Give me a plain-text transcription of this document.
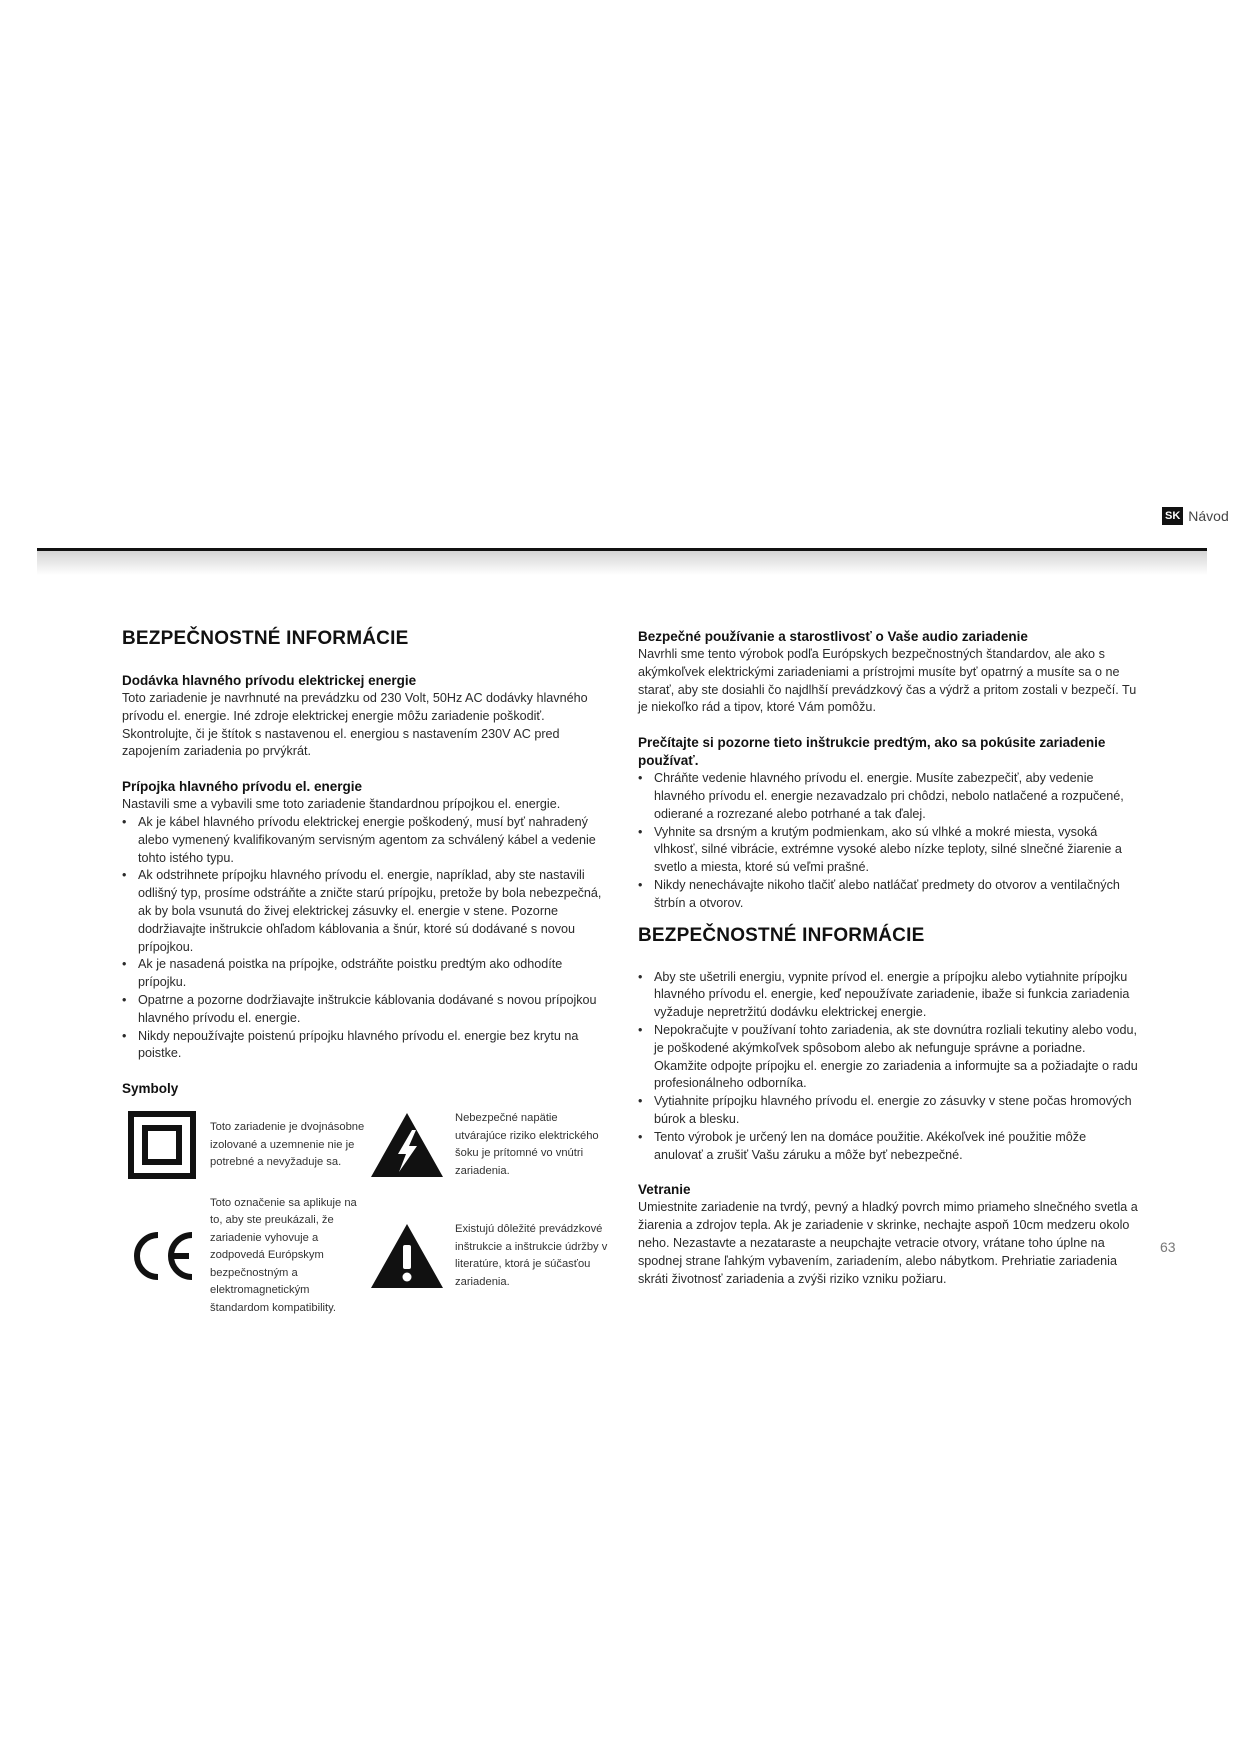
SK Návod
BEZPEČNOSTNÉ INFORMÁCIE
Dodávka hlavného prívodu elektrickej energie

Toto zariadenie je navrhnuté na prevádzku od 230 Volt, 50Hz AC dodávky hlavného prívodu el. energie. Iné zdroje elektrickej energie môžu zariadenie poškodiť. Skontrolujte, či je štítok s nastavenou el. energiou s nastavením 230V AC pred zapojením zariadenia po prvýkrát.

Prípojka hlavného prívodu el. energie

Nastavili sme a vybavili sme toto zariadenie štandardnou prípojkou el. energie.

• Ak je kábel hlavného prívodu elektrickej energie poškodený, musí byť nahradený alebo vymenený kvalifikovaným servisným agentom za schválený kábel a vedenie tohto istého typu.
• Ak odstrihnete prípojku hlavného prívodu el. energie, napríklad, aby ste nastavili odlišný typ, prosíme odstráňte a zničte starú prípojku, pretože by bola nebezpečná, ak by bola vsunutá do živej elektrickej zásuvky el. energie v stene. Pozorne dodržiavajte inštrukcie ohľadom káblovania a šnúr, ktoré sú dodávané s novou prípojkou.
• Ak je nasadená poistka na prípojke, odstráňte poistku predtým ako odhodíte prípojku.
• Opatrne a pozorne dodržiavajte inštrukcie káblovania dodávané s novou prípojkou hlavného prívodu el. energie.
• Nikdy nepoužívajte poistenú prípojku hlavného prívodu el. energie bez krytu na poistke.
Symboly
Toto zariadenie je dvojnásobne izolované a uzemnenie nie je potrebné a nevyžaduje sa.
Nebezpečné napätie utvárajúce riziko elektrického šoku je prítomné vo vnútri zariadenia.
Toto označenie sa aplikuje na to, aby ste preukázali, že zariadenie vyhovuje a zodpovedá Európskym bezpečnostným a elektromagnetickým štandardom kompatibility.
Existujú dôležité prevádzkové inštrukcie a inštrukcie údržby v literatúre, ktorá je súčasťou zariadenia.
Bezpečné používanie a starostlivosť o Vaše audio zariadenie

Navrhli sme tento výrobok podľa Európskych bezpečnostných štandardov, ale ako s akýmkoľvek elektrickými zariadeniami a prístrojmi musíte byť opatrný a musíte sa o ne starať, aby ste dosiahli čo najdlhší prevádzkový čas a výdrž a pritom zostali v bezpečí. Tu je niekoľko rád a tipov, ktoré Vám pomôžu.

Prečítajte si pozorne tieto inštrukcie predtým, ako sa pokúsite zariadenie používať.
• Chráňte vedenie hlavného prívodu el. energie. Musíte zabezpečiť, aby vedenie hlavného prívodu el. energie nezavadzalo pri chôdzi, nebolo natlačené a rozpučené, odierané a rozrezané alebo potrhané a tak ďalej.
• Vyhnite sa drsným a krutým podmienkam, ako sú vlhké a mokré miesta, vysoká vlhkosť, silné vibrácie, extrémne vysoké alebo nízke teploty, silné slnečné žiarenie a svetlo a miesta, ktoré sú veľmi prašné.
• Nikdy nenechávajte nikoho tlačiť alebo natláčať predmety do otvorov a ventilačných štrbín a otvorov.
BEZPEČNOSTNÉ INFORMÁCIE
• Aby ste ušetrili energiu, vypnite prívod el. energie a prípojku alebo vytiahnite prípojku hlavného prívodu el. energie, keď nepoužívate zariadenie, ibaže si funkcia zariadenia vyžaduje nepretržitú dodávku elektrickej energie.
• Nepokračujte v používaní tohto zariadenia, ak ste dovnútra rozliali tekutiny alebo vodu, je poškodené akýmkoľvek spôsobom alebo ak nefunguje správne a poriadne. Okamžite odpojte prípojku el. energie zo zariadenia a informujte sa a požiadajte o radu profesionálneho odborníka.
• Vytiahnite prípojku hlavného prívodu el. energie zo zásuvky v stene počas hromových búrok a blesku.
• Tento výrobok je určený len na domáce použitie. Akékoľvek iné použitie môže anulovať a zrušiť Vašu záruku a môže byť nebezpečné.
Vetranie

Umiestnite zariadenie na tvrdý, pevný a hladký povrch mimo priameho slnečného svetla a žiarenia a zdrojov tepla. Ak je zariadenie v skrinke, nechajte aspoň 10cm medzeru okolo neho. Nezastavte a nezataraste a neupchajte vetracie otvory, vrátane toho úplne na spodnej strane ľahkým vybavením, zariadením, alebo nábytkom. Prehriatie zariadenia skráti životnosť zariadenia a zvýši riziko vzniku požiaru.

63
